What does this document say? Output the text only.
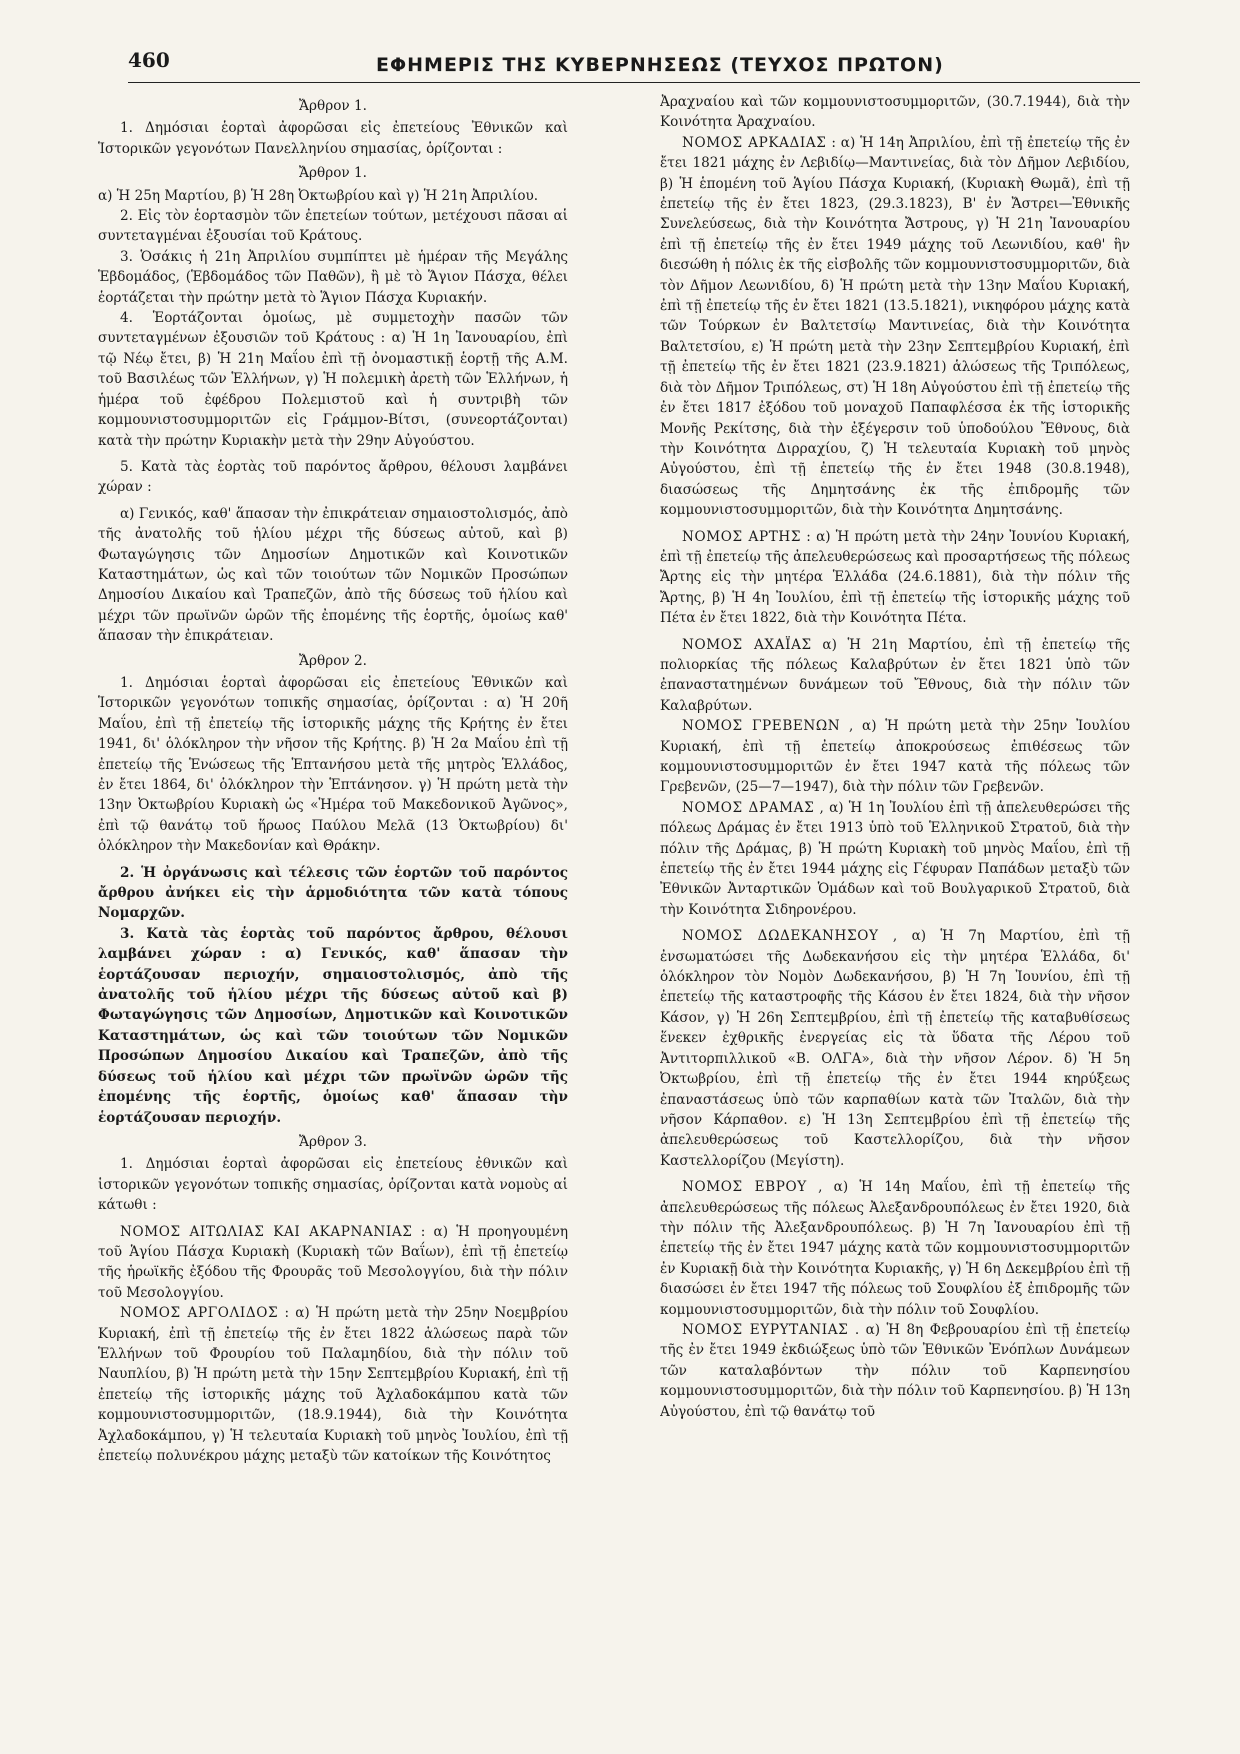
460	ΕΦΗΜΕΡΙΣ ΤΗΣ ΚΥΒΕΡΝΗΣΕΩΣ (ΤΕΥΧΟΣ ΠΡΩΤΟΝ)
Ἄρθρον 1.

1. Δημόσιαι ἑορταὶ ἀφορῶσαι εἰς ἐπετείους Ἐθνικῶν καὶ Ἱστορικῶν γεγονότων Πανελληνίου σημασίας, ὁρίζονται :

Ἄρθρον 1.

α) Ἡ 25η Μαρτίου, β) Ἡ 28η Ὀκτωβρίου καὶ γ) Ἡ 21η Ἀπριλίου.

2. Εἰς τὸν ἑορτασμὸν τῶν ἐπετείων τούτων, μετέχουσι πᾶσαι αἱ συντεταγμέναι ἐξουσίαι τοῦ Κράτους.

3. Ὁσάκις ἡ 21η Ἀπριλίου συμπίπτει μὲ ἡμέραν τῆς Μεγάλης Ἑβδομάδος, (Ἑβδομάδος τῶν Παθῶν), ἢ μὲ τὸ Ἅγιον Πάσχα, θέλει ἑορτάζεται τὴν πρώτην μετὰ τὸ Ἅγιον Πάσχα Κυριακήν.

4. Ἑορτάζονται ὁμοίως, μὲ συμμετοχὴν πασῶν τῶν συντεταγμένων ἐξουσιῶν τοῦ Κράτους : α) Ἡ 1η Ἰανουαρίου, ἐπὶ τῷ Νέῳ ἔτει, β) Ἡ 21η Μαΐου ἐπὶ τῇ ὀνομαστικῇ ἑορτῇ τῆς Α.Μ. τοῦ Βασιλέως τῶν Ἑλλήνων, γ) Ἡ πολεμικὴ ἀρετὴ τῶν Ἑλλήνων, ἡ ἡμέρα τοῦ ἐφέδρου Πολεμιστοῦ καὶ ἡ συντριβὴ τῶν κομμουνιστοσυμμοριτῶν εἰς Γράμμον-Βίτσι, (συνεορτάζονται) κατὰ τὴν πρώτην Κυριακὴν μετὰ τὴν 29ην Αὐγούστου.

5. Κατὰ τὰς ἑορτὰς τοῦ παρόντος ἄρθρου, θέλουσι λαμβάνει χώραν :

α) Γενικός, καθ' ἅπασαν τὴν ἐπικράτειαν σημαιοστολισμός, ἀπὸ τῆς ἀνατολῆς τοῦ ἡλίου μέχρι τῆς δύσεως αὐτοῦ, καὶ β) Φωταγώγησις τῶν Δημοσίων Δημοτικῶν καὶ Κοινοτικῶν Καταστημάτων, ὡς καὶ τῶν τοιούτων τῶν Νομικῶν Προσώπων Δημοσίου Δικαίου καὶ Τραπεζῶν, ἀπὸ τῆς δύσεως τοῦ ἡλίου καὶ μέχρι τῶν πρωϊνῶν ὡρῶν τῆς ἐπομένης τῆς ἑορτῆς, ὁμοίως καθ' ἅπασαν τὴν ἐπικράτειαν.

Ἄρθρον 2.

1. Δημόσιαι ἑορταὶ ἀφορῶσαι εἰς ἐπετείους Ἐθνικῶν καὶ Ἱστορικῶν γεγονότων τοπικῆς σημασίας, ὁρίζονται : α) Ἡ 20ῆ Μαΐου, ἐπὶ τῇ ἐπετείῳ τῆς ἱστορικῆς μάχης τῆς Κρήτης ἐν ἔτει 1941, δι' ὁλόκληρον τὴν νῆσον τῆς Κρήτης. β) Ἡ 2α Μαΐου ἐπὶ τῇ ἐπετείῳ τῆς Ἑνώσεως τῆς Ἑπτανήσου μετὰ τῆς μητρὸς Ἑλλάδος, ἐν ἔτει 1864, δι' ὁλόκληρον τὴν Ἑπτάνησον. γ) Ἡ πρώτη μετὰ τὴν 13ην Ὀκτωβρίου Κυριακὴ ὡς «Ἡμέρα τοῦ Μακεδονικοῦ Ἀγῶνος», ἐπὶ τῷ θανάτῳ τοῦ ἥρωος Παύλου Μελᾶ (13 Ὀκτωβρίου) δι' ὁλόκληρον τὴν Μακεδονίαν καὶ Θράκην.

2. Ἡ ὀργάνωσις καὶ τέλεσις τῶν ἑορτῶν τοῦ παρόντος ἄρθρου ἀνήκει εἰς τὴν ἁρμοδιότητα τῶν κατὰ τόπους Νομαρχῶν.

3. Κατὰ τὰς ἑορτὰς τοῦ παρόντος ἄρθρου, θέλουσι λαμβάνει χώραν : α) Γενικός, καθ' ἅπασαν τὴν ἑορτάζουσαν περιοχήν, σημαιοστολισμός, ἀπὸ τῆς ἀνατολῆς τοῦ ἡλίου μέχρι τῆς δύσεως αὐτοῦ καὶ β) Φωταγώγησις τῶν Δημοσίων, Δημοτικῶν καὶ Κοινοτικῶν Καταστημάτων, ὡς καὶ τῶν τοιούτων τῶν Νομικῶν Προσώπων Δημοσίου Δικαίου καὶ Τραπεζῶν, ἀπὸ τῆς δύσεως τοῦ ἡλίου καὶ μέχρι τῶν πρωϊνῶν ὡρῶν τῆς ἐπομένης τῆς ἑορτῆς, ὁμοίως καθ' ἅπασαν τὴν ἑορτάζουσαν περιοχήν.

Ἄρθρον 3.

1. Δημόσιαι ἑορταὶ ἀφορῶσαι εἰς ἐπετείους ἐθνικῶν καὶ ἱστορικῶν γεγονότων τοπικῆς σημασίας, ὁρίζονται κατὰ νομοὺς αἱ κάτωθι :

ΝΟΜΟΣ ΑΙΤΩΛΙΑΣ ΚΑΙ ΑΚΑΡΝΑΝΙΑΣ : α) Ἡ προηγουμένη τοῦ Ἁγίου Πάσχα Κυριακὴ (Κυριακὴ τῶν Βαΐων), ἐπὶ τῇ ἐπετείῳ τῆς ἡρωϊκῆς ἐξόδου τῆς Φρουρᾶς τοῦ Μεσολογγίου, διὰ τὴν πόλιν τοῦ Μεσολογγίου.

ΝΟΜΟΣ ΑΡΓΟΛΙΔΟΣ : α) Ἡ πρώτη μετὰ τὴν 25ην Νοεμβρίου Κυριακή, ἐπὶ τῇ ἐπετείῳ τῆς ἐν ἔτει 1822 ἁλώσεως παρὰ τῶν Ἑλλήνων τοῦ Φρουρίου τοῦ Παλαμηδίου, διὰ τὴν πόλιν τοῦ Ναυπλίου, β) Ἡ πρώτη μετὰ τὴν 15ην Σεπτεμβρίου Κυριακή, ἐπὶ τῇ ἐπετείῳ τῆς ἱστορικῆς μάχης τοῦ Ἀχλαδοκάμπου κατὰ τῶν κομμουνιστοσυμμοριτῶν, (18.9.1944), διὰ τὴν Κοινότητα Ἀχλαδοκάμπου, γ) Ἡ τελευταία Κυριακὴ τοῦ μηνὸς Ἰουλίου, ἐπὶ τῇ ἐπετείῳ πολυνέκρου μάχης μεταξὺ τῶν κατοίκων τῆς Κοινότητος

Ἀραχναίου καὶ τῶν κομμουνιστοσυμμοριτῶν, (30.7.1944), διὰ τὴν Κοινότητα Ἀραχναίου.

ΝΟΜΟΣ ΑΡΚΑΔΙΑΣ : α) Ἡ 14η Ἀπριλίου, ἐπὶ τῇ ἐπετείῳ τῆς ἐν ἔτει 1821 μάχης ἐν Λεβιδίῳ—Μαντινείας, διὰ τὸν Δῆμον Λεβιδίου, β) Ἡ ἑπομένη τοῦ Ἁγίου Πάσχα Κυριακή, (Κυριακὴ Θωμᾶ), ἐπὶ τῇ ἐπετείῳ τῆς ἐν ἔτει 1823, (29.3.1823), Β' ἐν Ἄστρει—Ἐθνικῆς Συνελεύσεως, διὰ τὴν Κοινότητα Ἄστρους, γ) Ἡ 21η Ἰανουαρίου ἐπὶ τῇ ἐπετείῳ τῆς ἐν ἔτει 1949 μάχης τοῦ Λεωνιδίου, καθ' ἣν διεσώθη ἡ πόλις ἐκ τῆς εἰσβολῆς τῶν κομμουνιστοσυμμοριτῶν, διὰ τὸν Δῆμον Λεωνιδίου, δ) Ἡ πρώτη μετὰ τὴν 13ην Μαΐου Κυριακή, ἐπὶ τῇ ἐπετείῳ τῆς ἐν ἔτει 1821 (13.5.1821), νικηφόρου μάχης κατὰ τῶν Τούρκων ἐν Βαλτετσίῳ Μαντινείας, διὰ τὴν Κοινότητα Βαλτετσίου, ε) Ἡ πρώτη μετὰ τὴν 23ην Σεπτεμβρίου Κυριακή, ἐπὶ τῇ ἐπετείῳ τῆς ἐν ἔτει 1821 (23.9.1821) ἁλώσεως τῆς Τριπόλεως, διὰ τὸν Δῆμον Τριπόλεως, στ) Ἡ 18η Αὐγούστου ἐπὶ τῇ ἐπετείῳ τῆς ἐν ἔτει 1817 ἐξόδου τοῦ μοναχοῦ Παπαφλέσσα ἐκ τῆς ἱστορικῆς Μονῆς Ρεκίτσης, διὰ τὴν ἐξέγερσιν τοῦ ὑποδούλου Ἔθνους, διὰ τὴν Κοινότητα Διρραχίου, ζ) Ἡ τελευταία Κυριακὴ τοῦ μηνὸς Αὐγούστου, ἐπὶ τῇ ἐπετείῳ τῆς ἐν ἔτει 1948 (30.8.1948), διασώσεως τῆς Δημητσάνης ἐκ τῆς ἐπιδρομῆς τῶν κομμουνιστοσυμμοριτῶν, διὰ τὴν Κοινότητα Δημητσάνης.

ΝΟΜΟΣ ΑΡΤΗΣ : α) Ἡ πρώτη μετὰ τὴν 24ην Ἰουνίου Κυριακή, ἐπὶ τῇ ἐπετείῳ τῆς ἀπελευθερώσεως καὶ προσαρτήσεως τῆς πόλεως Ἄρτης εἰς τὴν μητέρα Ἑλλάδα (24.6.1881), διὰ τὴν πόλιν τῆς Ἄρτης, β) Ἡ 4η Ἰουλίου, ἐπὶ τῇ ἐπετείῳ τῆς ἱστορικῆς μάχης τοῦ Πέτα ἐν ἔτει 1822, διὰ τὴν Κοινότητα Πέτα.

ΝΟΜΟΣ ΑΧΑΪΑΣ α) Ἡ 21η Μαρτίου, ἐπὶ τῇ ἐπετείῳ τῆς πολιορκίας τῆς πόλεως Καλαβρύτων ἐν ἔτει 1821 ὑπὸ τῶν ἐπαναστατημένων δυνάμεων τοῦ Ἔθνους, διὰ τὴν πόλιν τῶν Καλαβρύτων.

ΝΟΜΟΣ ΓΡΕΒΕΝΩΝ , α) Ἡ πρώτη μετὰ τὴν 25ην Ἰουλίου Κυριακή, ἐπὶ τῇ ἐπετείῳ ἀποκρούσεως ἐπιθέσεως τῶν κομμουνιστοσυμμοριτῶν ἐν ἔτει 1947 κατὰ τῆς πόλεως τῶν Γρεβενῶν, (25—7—1947), διὰ τὴν πόλιν τῶν Γρεβενῶν.

ΝΟΜΟΣ ΔΡΑΜΑΣ , α) Ἡ 1η Ἰουλίου ἐπὶ τῇ ἀπελευθερώσει τῆς πόλεως Δράμας ἐν ἔτει 1913 ὑπὸ τοῦ Ἑλληνικοῦ Στρατοῦ, διὰ τὴν πόλιν τῆς Δράμας, β) Ἡ πρώτη Κυριακὴ τοῦ μηνὸς Μαΐου, ἐπὶ τῇ ἐπετείῳ τῆς ἐν ἔτει 1944 μάχης εἰς Γέφυραν Παπάδων μεταξὺ τῶν Ἐθνικῶν Ἀνταρτικῶν Ὁμάδων καὶ τοῦ Βουλγαρικοῦ Στρατοῦ, διὰ τὴν Κοινότητα Σιδηρονέρου.

ΝΟΜΟΣ ΔΩΔΕΚΑΝΗΣΟΥ , α) Ἡ 7η Μαρτίου, ἐπὶ τῇ ἐνσωματώσει τῆς Δωδεκανήσου εἰς τὴν μητέρα Ἑλλάδα, δι' ὁλόκληρον τὸν Νομὸν Δωδεκανήσου, β) Ἡ 7η Ἰουνίου, ἐπὶ τῇ ἐπετείῳ τῆς καταστροφῆς τῆς Κάσου ἐν ἔτει 1824, διὰ τὴν νῆσον Κάσον, γ) Ἡ 26η Σεπτεμβρίου, ἐπὶ τῇ ἐπετείῳ τῆς καταβυθίσεως ἕνεκεν ἐχθρικῆς ἐνεργείας εἰς τὰ ὕδατα τῆς Λέρου τοῦ Ἀντιτορπιλλικοῦ «Β. ΟΛΓΑ», διὰ τὴν νῆσον Λέρον. δ) Ἡ 5η Ὀκτωβρίου, ἐπὶ τῇ ἐπετείῳ τῆς ἐν ἔτει 1944 κηρύξεως ἐπαναστάσεως ὑπὸ τῶν καρπαθίων κατὰ τῶν Ἰταλῶν, διὰ τὴν νῆσον Κάρπαθον. ε) Ἡ 13η Σεπτεμβρίου ἐπὶ τῇ ἐπετείῳ τῆς ἀπελευθερώσεως τοῦ Καστελλορίζου, διὰ τὴν νῆσον Καστελλορίζου (Μεγίστη).

ΝΟΜΟΣ ΕΒΡΟΥ , α) Ἡ 14η Μαΐου, ἐπὶ τῇ ἐπετείῳ τῆς ἀπελευθερώσεως τῆς πόλεως Ἀλεξανδρουπόλεως ἐν ἔτει 1920, διὰ τὴν πόλιν τῆς Ἀλεξανδρουπόλεως. β) Ἡ 7η Ἰανουαρίου ἐπὶ τῇ ἐπετείῳ τῆς ἐν ἔτει 1947 μάχης κατὰ τῶν κομμουνιστοσυμμοριτῶν ἐν Κυριακῇ διὰ τὴν Κοινότητα Κυριακῆς, γ) Ἡ 6η Δεκεμβρίου ἐπὶ τῇ διασώσει ἐν ἔτει 1947 τῆς πόλεως τοῦ Σουφλίου ἐξ ἐπιδρομῆς τῶν κομμουνιστοσυμμοριτῶν, διὰ τὴν πόλιν τοῦ Σουφλίου.

ΝΟΜΟΣ ΕΥΡΥΤΑΝΙΑΣ . α) Ἡ 8η Φεβρουαρίου ἐπὶ τῇ ἐπετείῳ τῆς ἐν ἔτει 1949 ἐκδιώξεως ὑπὸ τῶν Ἐθνικῶν Ἐνόπλων Δυνάμεων τῶν καταλαβόντων τὴν πόλιν τοῦ Καρπενησίου κομμουνιστοσυμμοριτῶν, διὰ τὴν πόλιν τοῦ Καρπενησίου. β) Ἡ 13η Αὐγούστου, ἐπὶ τῷ θανάτῳ τοῦ
